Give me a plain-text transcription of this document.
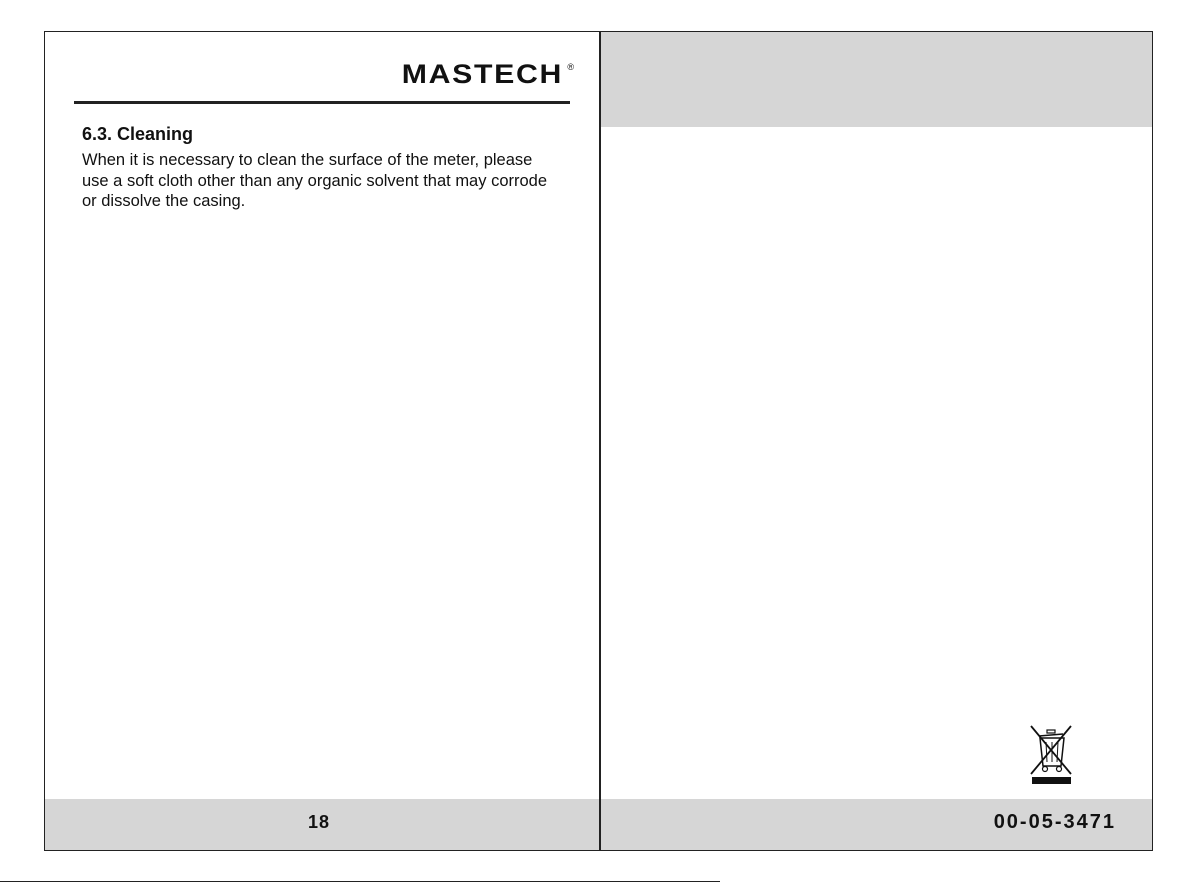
MASTECH ®
6.3. Cleaning

When it is necessary to clean the surface of the meter, please use a soft cloth other than any organic solvent that may corrode or dissolve the casing.

18	00-05-3471
